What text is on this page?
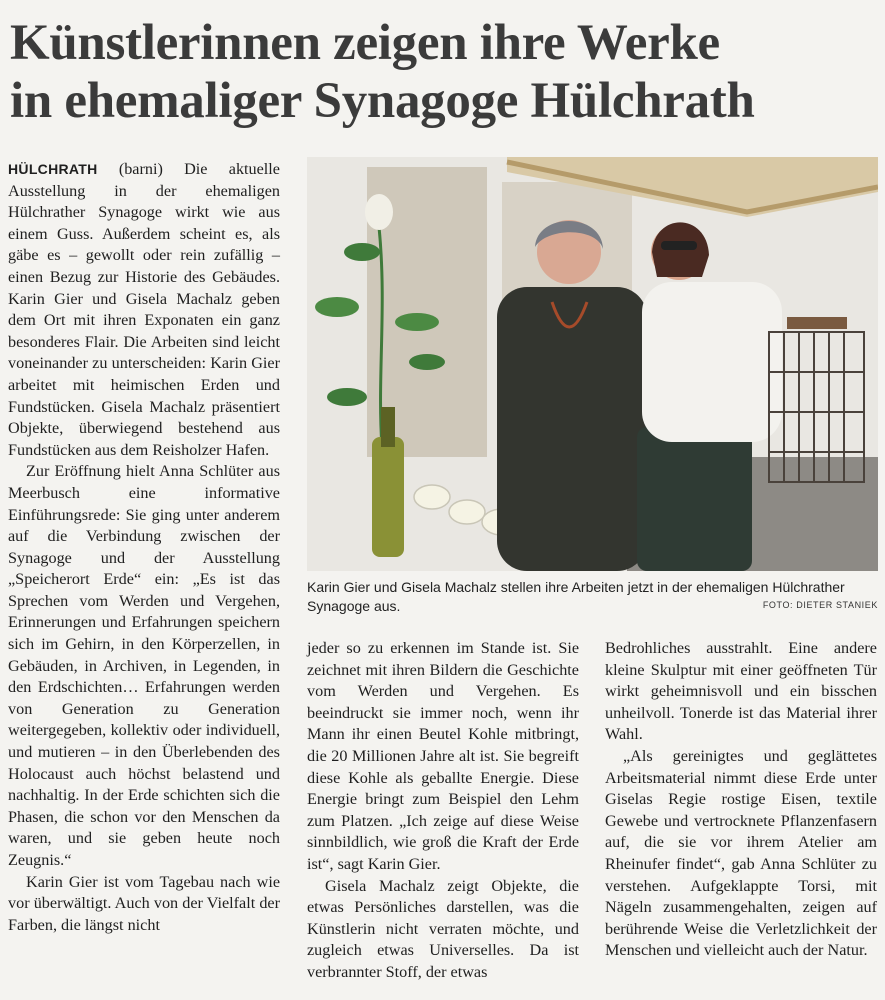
Künstlerinnen zeigen ihre Werke
in ehemaliger Synagoge Hülchrath

HÜLCHRATH (barni) Die aktuelle Ausstellung in der ehemaligen Hülchrather Synagoge wirkt wie aus einem Guss. Außerdem scheint es, als gäbe es – gewollt oder rein zufällig – einen Bezug zur Historie des Gebäudes. Karin Gier und Gisela Machalz geben dem Ort mit ihren Exponaten ein ganz besonderes Flair. Die Arbeiten sind leicht voneinander zu unterscheiden: Karin Gier arbeitet mit heimischen Erden und Fundstücken. Gisela Machalz präsentiert Objekte, überwiegend bestehend aus Fundstücken aus dem Reisholzer Hafen.

Zur Eröffnung hielt Anna Schlüter aus Meerbusch eine informative Einführungsrede: Sie ging unter anderem auf die Verbindung zwischen der Synagoge und der Ausstellung „Speicherort Erde“ ein: „Es ist das Sprechen vom Werden und Vergehen, Erinnerungen und Erfahrungen speichern sich im Gehirn, in den Körperzellen, in Gebäuden, in Archiven, in Legenden, in den Erdschichten… Erfahrungen werden von Generation zu Generation weitergegeben, kollektiv oder individuell, und mutieren – in den Überlebenden des Holocaust auch höchst belastend und nachhaltig. In der Erde schichten sich die Phasen, die schon vor den Menschen da waren, und sie geben heute noch Zeugnis.“

Karin Gier ist vom Tagebau nach wie vor überwältigt. Auch von der Vielfalt der Farben, die längst nicht

Karin Gier und Gisela Machalz stellen ihre Arbeiten jetzt in der ehemaligen Hülchrather Synagoge aus.	FOTO: DIETER STANIEK

jeder so zu erkennen im Stande ist. Sie zeichnet mit ihren Bildern die Geschichte vom Werden und Vergehen. Es beeindruckt sie immer noch, wenn ihr Mann ihr einen Beutel Kohle mitbringt, die 20 Millionen Jahre alt ist. Sie begreift diese Kohle als geballte Energie. Diese Energie bringt zum Beispiel den Lehm zum Platzen. „Ich zeige auf diese Weise sinnbildlich, wie groß die Kraft der Erde ist“, sagt Karin Gier.

Gisela Machalz zeigt Objekte, die etwas Persönliches darstellen, was die Künstlerin nicht verraten möchte, und zugleich etwas Universelles. Da ist verbrannter Stoff, der etwas

Bedrohliches ausstrahlt. Eine andere kleine Skulptur mit einer geöffneten Tür wirkt geheimnisvoll und ein bisschen unheilvoll. Tonerde ist das Material ihrer Wahl.

„Als gereinigtes und geglättetes Arbeitsmaterial nimmt diese Erde unter Giselas Regie rostige Eisen, textile Gewebe und vertrocknete Pflanzenfasern auf, die sie vor ihrem Atelier am Rheinufer findet“, gab Anna Schlüter zu verstehen. Aufgeklappte Torsi, mit Nägeln zusammengehalten, zeigen auf berührende Weise die Verletzlichkeit der Menschen und vielleicht auch der Natur.
